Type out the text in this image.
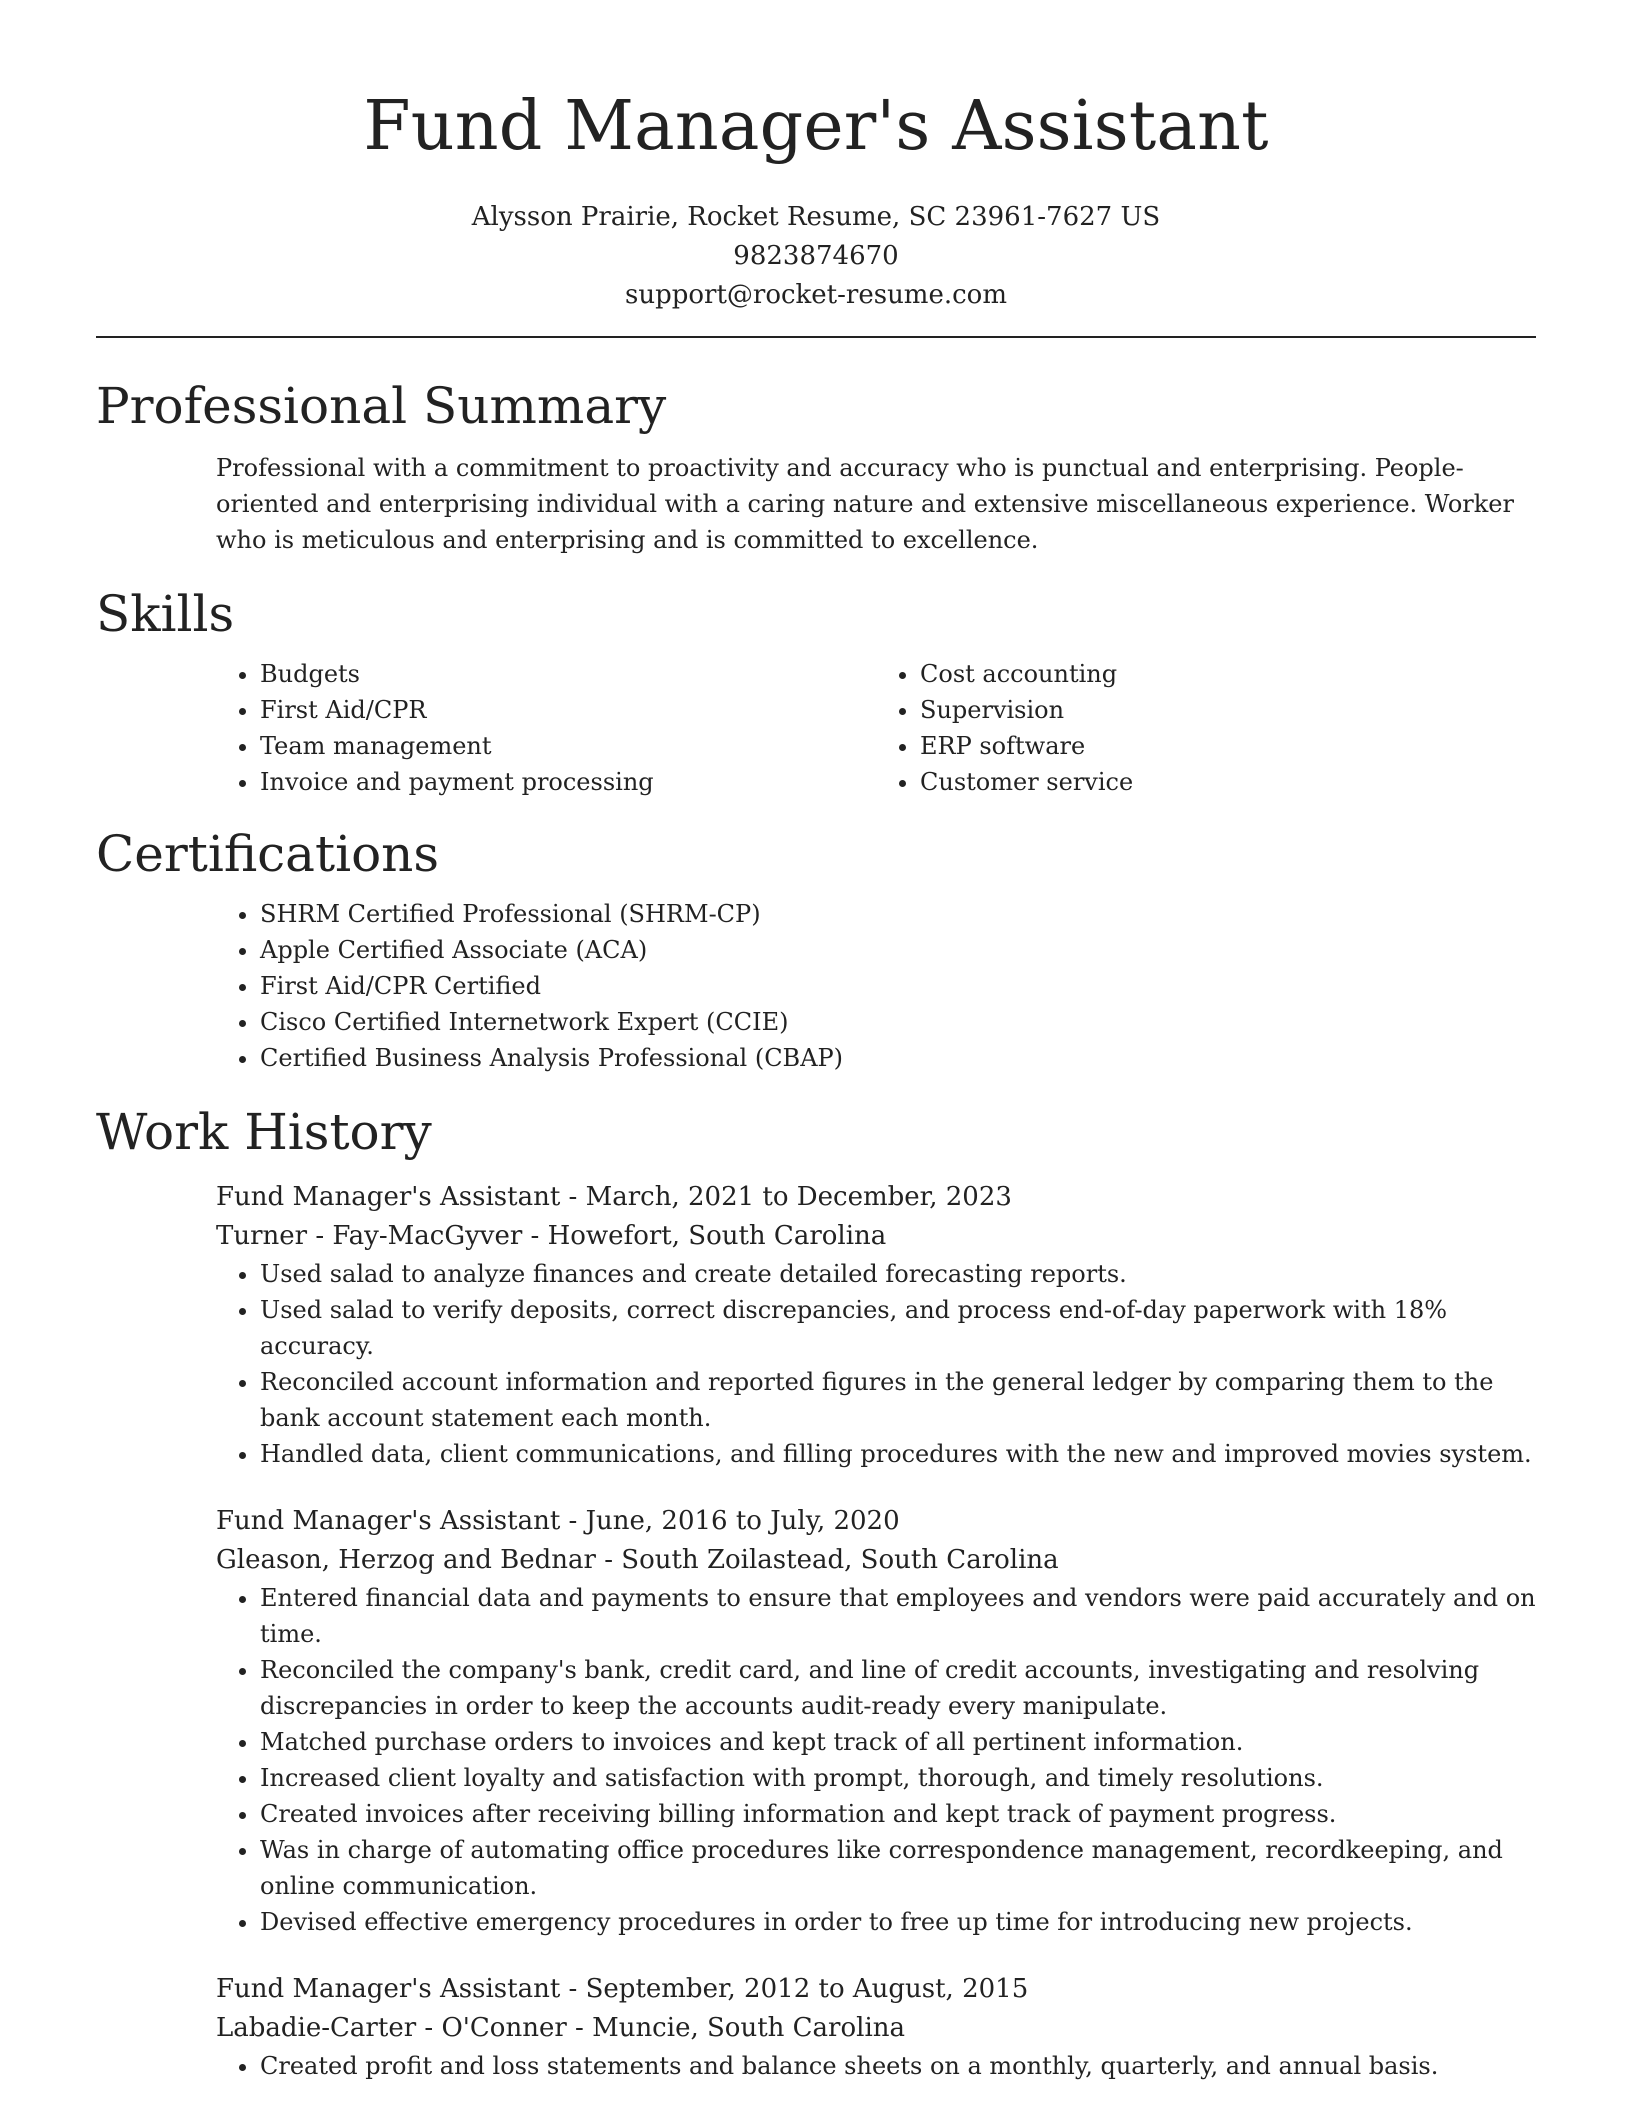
Fund Manager's Assistant
Alysson Prairie, Rocket Resume, SC 23961-7627 US
9823874670
support@rocket-resume.com
Professional Summary
Professional with a commitment to proactivity and accuracy who is punctual and enterprising. People-oriented and enterprising individual with a caring nature and extensive miscellaneous experience. Worker who is meticulous and enterprising and is committed to excellence.
Skills
• Budgets
• First Aid/CPR
• Team management
• Invoice and payment processing
• Cost accounting
• Supervision
• ERP software
• Customer service
Certifications
• SHRM Certified Professional (SHRM-CP)
• Apple Certified Associate (ACA)
• First Aid/CPR Certified
• Cisco Certified Internetwork Expert (CCIE)
• Certified Business Analysis Professional (CBAP)
Work History
Fund Manager's Assistant - March, 2021 to December, 2023
Turner - Fay-MacGyver - Howefort, South Carolina
• Used salad to analyze finances and create detailed forecasting reports.
• Used salad to verify deposits, correct discrepancies, and process end-of-day paperwork with 18% accuracy.
• Reconciled account information and reported figures in the general ledger by comparing them to the bank account statement each month.
• Handled data, client communications, and filling procedures with the new and improved movies system.
Fund Manager's Assistant - June, 2016 to July, 2020
Gleason, Herzog and Bednar - South Zoilastead, South Carolina
• Entered financial data and payments to ensure that employees and vendors were paid accurately and on time.
• Reconciled the company's bank, credit card, and line of credit accounts, investigating and resolving discrepancies in order to keep the accounts audit-ready every manipulate.
• Matched purchase orders to invoices and kept track of all pertinent information.
• Increased client loyalty and satisfaction with prompt, thorough, and timely resolutions.
• Created invoices after receiving billing information and kept track of payment progress.
• Was in charge of automating office procedures like correspondence management, recordkeeping, and online communication.
• Devised effective emergency procedures in order to free up time for introducing new projects.
Fund Manager's Assistant - September, 2012 to August, 2015
Labadie-Carter - O'Conner - Muncie, South Carolina
• Created profit and loss statements and balance sheets on a monthly, quarterly, and annual basis.
